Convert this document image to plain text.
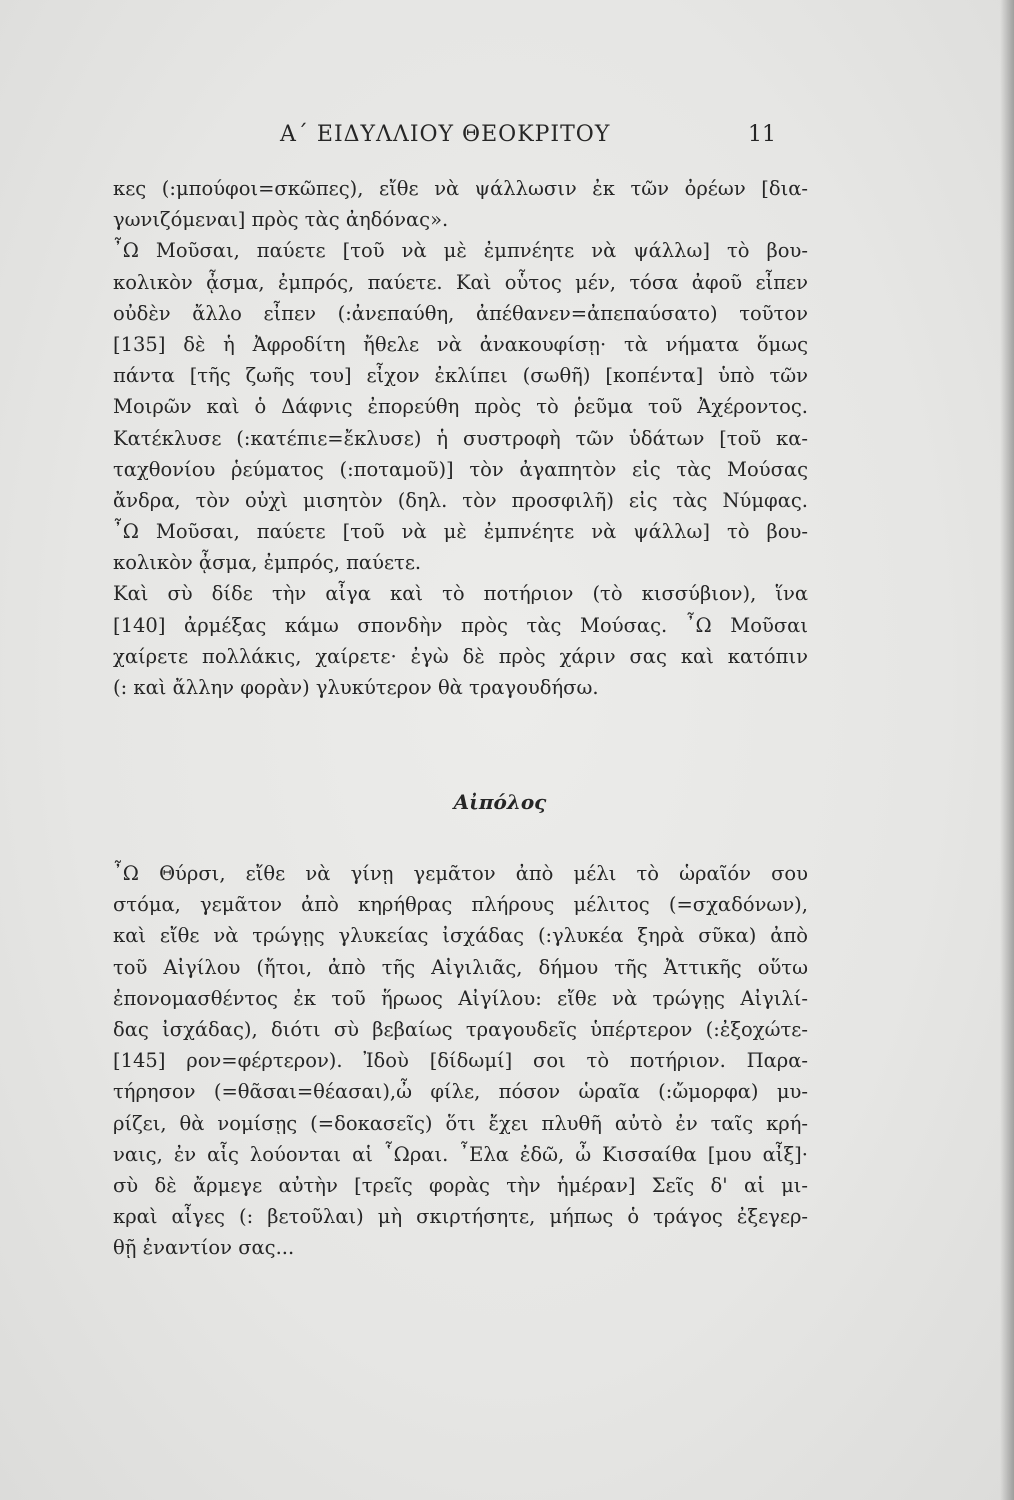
Α΄ ΕΙΔΥΛΛΙΟΥ ΘΕΟΚΡΙΤΟΥ	11
κες (:μπούφοι=σκῶπες), εἴθε νὰ ψάλλωσιν ἐκ τῶν ὀρέων [δια-
γωνιζόμεναι] πρὸς τὰς ἀηδόνας».
῏Ω Μοῦσαι, παύετε [τοῦ νὰ μὲ ἐμπνέητε νὰ ψάλλω] τὸ βου-
κολικὸν ᾆσμα, ἐμπρός, παύετε. Καὶ οὗτος μέν, τόσα ἀφοῦ εἶπεν
οὐδὲν ἄλλο εἶπεν (:ἀνεπαύθη, ἀπέθανεν=ἀπεπαύσατο) τοῦτον
[135] δὲ ἡ Ἀφροδίτη ἤθελε νὰ ἀνακουφίσῃ· τὰ νήματα ὅμως
πάντα [τῆς ζωῆς του] εἶχον ἐκλίπει (σωθῆ) [κοπέντα] ὑπὸ τῶν
Μοιρῶν καὶ ὁ Δάφνις ἐπορεύθη πρὸς τὸ ῥεῦμα τοῦ Ἀχέροντος.
Κατέκλυσε (:κατέπιε=ἔκλυσε) ἡ συστροφὴ τῶν ὑδάτων [τοῦ κα-
ταχθονίου ῥεύματος (:ποταμοῦ)] τὸν ἀγαπητὸν εἰς τὰς Μούσας
ἄνδρα, τὸν οὐχὶ μισητὸν (δηλ. τὸν προσφιλῆ) εἰς τὰς Νύμφας.
῏Ω Μοῦσαι, παύετε [τοῦ νὰ μὲ ἐμπνέητε νὰ ψάλλω] τὸ βου-
κολικὸν ᾆσμα, ἐμπρός, παύετε.
Καὶ σὺ δίδε τὴν αἶγα καὶ τὸ ποτήριον (τὸ κισσύβιον), ἵνα
[140] ἀρμέξας κάμω σπονδὴν πρὸς τὰς Μούσας. ῏Ω Μοῦσαι
χαίρετε πολλάκις, χαίρετε· ἐγὼ δὲ πρὸς χάριν σας καὶ κατόπιν
(: καὶ ἄλλην φορὰν) γλυκύτερον θὰ τραγουδήσω.
Αἰπόλος
῏Ω Θύρσι, εἴθε νὰ γίνῃ γεμᾶτον ἀπὸ μέλι τὸ ὡραῖόν σου
στόμα, γεμᾶτον ἀπὸ κηρήθρας πλήρους μέλιτος (=σχαδόνων),
καὶ εἴθε νὰ τρώγῃς γλυκείας ἰσχάδας (:γλυκέα ξηρὰ σῦκα) ἀπὸ
τοῦ Αἰγίλου (ἤτοι, ἀπὸ τῆς Αἰγιλιᾶς, δήμου τῆς Ἀττικῆς οὕτω
ἐπονομασθέντος ἐκ τοῦ ἥρωος Αἰγίλου: εἴθε νὰ τρώγῃς Αἰγιλί-
δας ἰσχάδας), διότι σὺ βεβαίως τραγουδεῖς ὑπέρτερον (:ἐξοχώτε-
[145] ρον=φέρτερον). Ἰδοὺ [δίδωμί] σοι τὸ ποτήριον. Παρα-
τήρησον (=θᾶσαι=θέασαι),ὦ φίλε, πόσον ὡραῖα (:ὤμορφα) μυ-
ρίζει, θὰ νομίσῃς (=δοκασεῖς) ὅτι ἔχει πλυθῆ αὐτὸ ἐν ταῖς κρή-
ναις, ἐν αἷς λούονται αἱ ῟Ωραι. ῏Ελα ἐδῶ, ὦ Κισσαίθα [μου αἶξ]·
σὺ δὲ ἄρμεγε αὐτὴν [τρεῖς φορὰς τὴν ἡμέραν] Σεῖς δ' αἱ μι-
κραὶ αἶγες (: βετοῦλαι) μὴ σκιρτήσητε, μήπως ὁ τράγος ἐξεγερ-
θῇ ἐναντίον σας...
